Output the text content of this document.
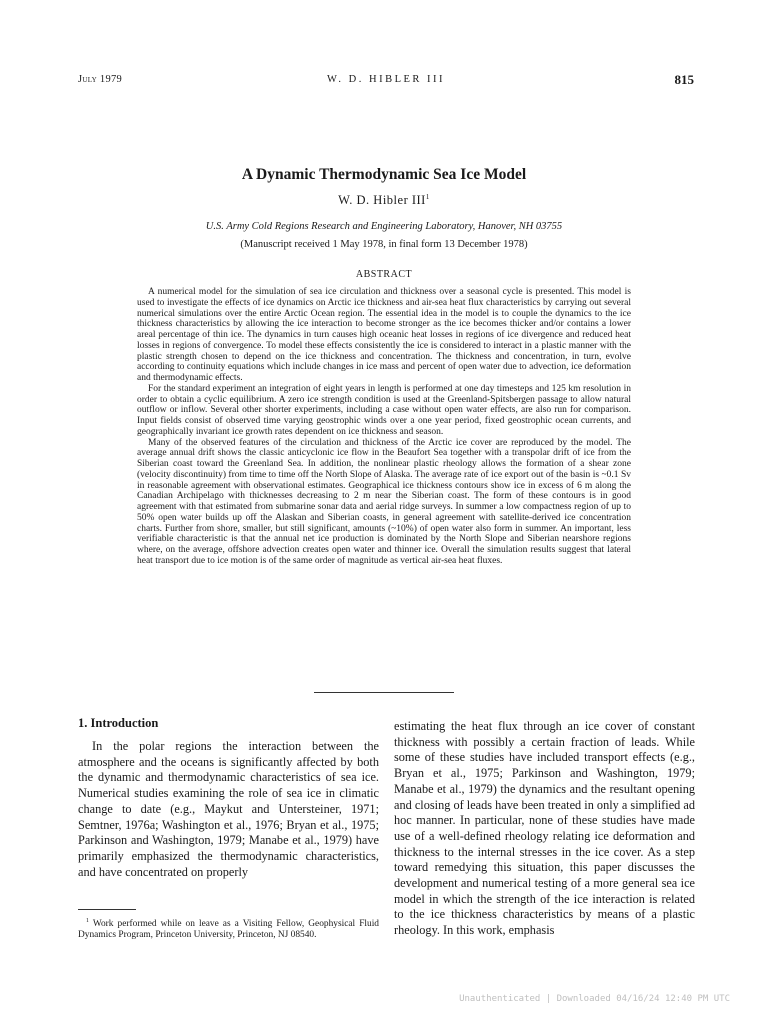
July 1979	W. D. HIBLER III	815
A Dynamic Thermodynamic Sea Ice Model
W. D. Hibler III$^1$
U.S. Army Cold Regions Research and Engineering Laboratory, Hanover, NH 03755
(Manuscript received 1 May 1978, in final form 13 December 1978)
ABSTRACT

A numerical model for the simulation of sea ice circulation and thickness over a seasonal cycle is presented. This model is used to investigate the effects of ice dynamics on Arctic ice thickness and air-sea heat flux characteristics by carrying out several numerical simulations over the entire Arctic Ocean region. The essential idea in the model is to couple the dynamics to the ice thickness characteristics by allowing the ice interaction to become stronger as the ice becomes thicker and/or contains a lower areal percentage of thin ice. The dynamics in turn causes high oceanic heat losses in regions of ice divergence and reduced heat losses in regions of convergence. To model these effects consistently the ice is considered to interact in a plastic manner with the plastic strength chosen to depend on the ice thickness and concentration. The thickness and concentration, in turn, evolve according to continuity equations which include changes in ice mass and percent of open water due to advection, ice deformation and thermodynamic effects.

For the standard experiment an integration of eight years in length is performed at one day timesteps and 125 km resolution in order to obtain a cyclic equilibrium. A zero ice strength condition is used at the Greenland-Spitsbergen passage to allow natural outflow or inflow. Several other shorter experiments, including a case without open water effects, are also run for comparison. Input fields consist of observed time varying geostrophic winds over a one year period, fixed geostrophic ocean currents, and geographically invariant ice growth rates dependent on ice thickness and season.

Many of the observed features of the circulation and thickness of the Arctic ice cover are reproduced by the model. The average annual drift shows the classic anticyclonic ice flow in the Beaufort Sea together with a transpolar drift of ice from the Siberian coast toward the Greenland Sea. In addition, the nonlinear plastic rheology allows the formation of a shear zone (velocity discontinuity) from time to time off the North Slope of Alaska. The average rate of ice export out of the basin is ~0.1 Sv in reasonable agreement with observational estimates. Geographical ice thickness contours show ice in excess of 6 m along the Canadian Archipelago with thicknesses decreasing to 2 m near the Siberian coast. The form of these contours is in good agreement with that estimated from submarine sonar data and aerial ridge surveys. In summer a low compactness region of up to 50% open water builds up off the Alaskan and Siberian coasts, in general agreement with satellite-derived ice concentration charts. Further from shore, smaller, but still significant, amounts (~10%) of open water also form in summer. An important, less verifiable characteristic is that the annual net ice production is dominated by the North Slope and Siberian nearshore regions where, on the average, offshore advection creates open water and thinner ice. Overall the simulation results suggest that lateral heat transport due to ice motion is of the same order of magnitude as vertical air-sea heat fluxes.

1. Introduction

In the polar regions the interaction between the atmosphere and the oceans is significantly affected by both the dynamic and thermodynamic characteristics of sea ice. Numerical studies examining the role of sea ice in climatic change to date (e.g., Maykut and Untersteiner, 1971; Semtner, 1976a; Washington et al., 1976; Bryan et al., 1975; Parkinson and Washington, 1979; Manabe et al., 1979) have primarily emphasized the thermodynamic characteristics, and have concentrated on properly

$^1$ Work performed while on leave as a Visiting Fellow, Geophysical Fluid Dynamics Program, Princeton University, Princeton, NJ 08540.

estimating the heat flux through an ice cover of constant thickness with possibly a certain fraction of leads. While some of these studies have included transport effects (e.g., Bryan et al., 1975; Parkinson and Washington, 1979; Manabe et al., 1979) the dynamics and the resultant opening and closing of leads have been treated in only a simplified ad hoc manner. In particular, none of these studies have made use of a well-defined rheology relating ice deformation and thickness to the internal stresses in the ice cover. As a step toward remedying this situation, this paper discusses the development and numerical testing of a more general sea ice model in which the strength of the ice interaction is related to the ice thickness characteristics by means of a plastic rheology. In this work, emphasis

Unauthenticated | Downloaded 04/16/24 12:40 PM UTC
